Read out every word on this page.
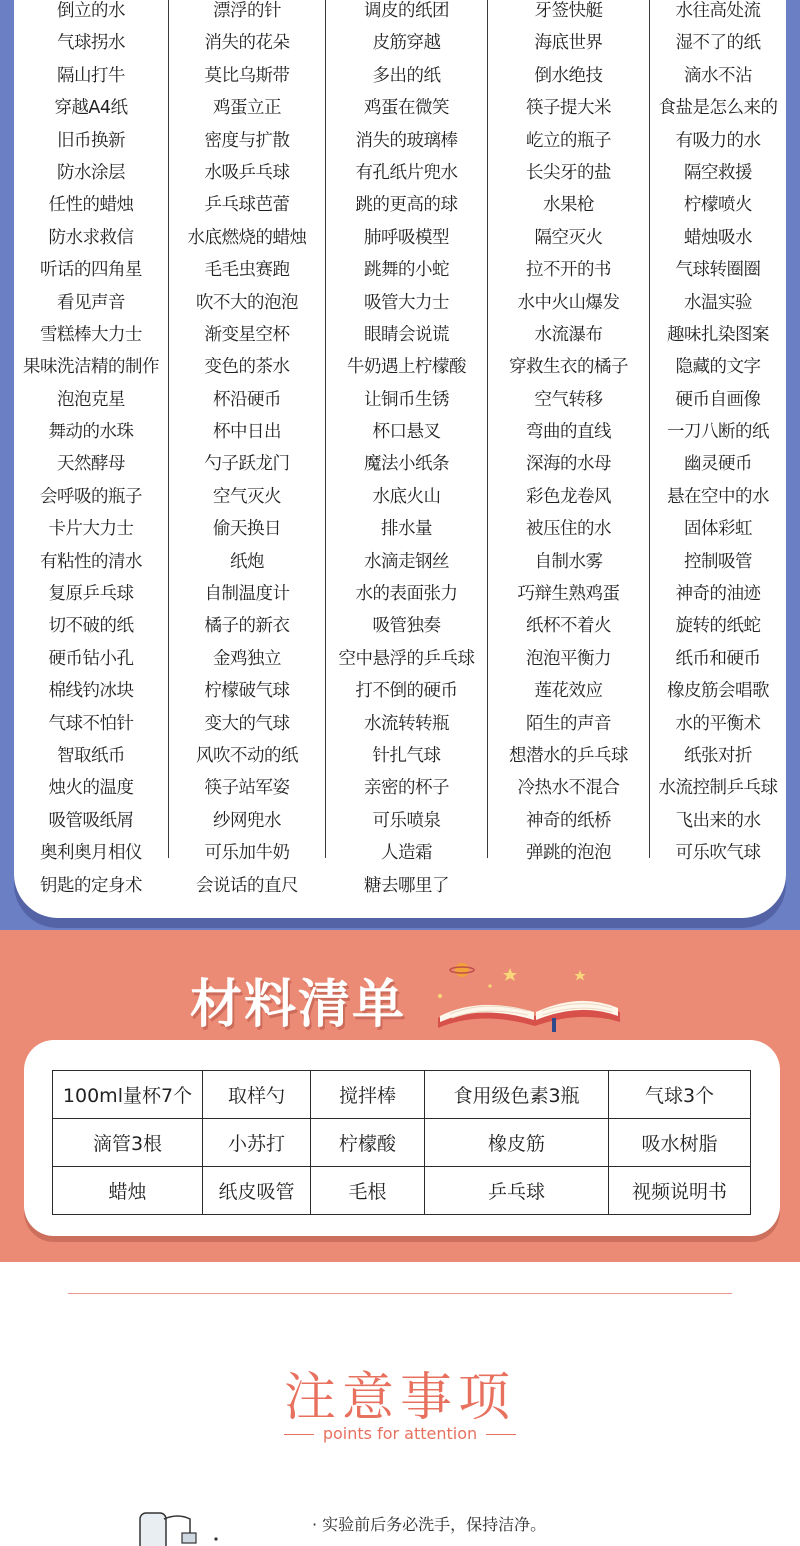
倒立的水
气球拐水
隔山打牛
穿越A4纸
旧币换新
防水涂层
任性的蜡烛
防水求救信
听话的四角星
看见声音
雪糕棒大力士
果味洗洁精的制作
泡泡克星
舞动的水珠
天然酵母
会呼吸的瓶子
卡片大力士
有粘性的清水
复原乒乓球
切不破的纸
硬币钻小孔
棉线钓冰块
气球不怕针
智取纸币
烛火的温度
吸管吸纸屑
奥利奥月相仪
钥匙的定身术
漂浮的针
消失的花朵
莫比乌斯带
鸡蛋立正
密度与扩散
水吸乒乓球
乒乓球芭蕾
水底燃烧的蜡烛
毛毛虫赛跑
吹不大的泡泡
渐变星空杯
变色的茶水
杯沿硬币
杯中日出
勺子跃龙门
空气灭火
偷天换日
纸炮
自制温度计
橘子的新衣
金鸡独立
柠檬破气球
变大的气球
风吹不动的纸
筷子站军姿
纱网兜水
可乐加牛奶
会说话的直尺
调皮的纸团
皮筋穿越
多出的纸
鸡蛋在微笑
消失的玻璃棒
有孔纸片兜水
跳的更高的球
肺呼吸模型
跳舞的小蛇
吸管大力士
眼睛会说谎
牛奶遇上柠檬酸
让铜币生锈
杯口悬叉
魔法小纸条
水底火山
排水量
水滴走钢丝
水的表面张力
吸管独奏
空中悬浮的乒乓球
打不倒的硬币
水流转转瓶
针扎气球
亲密的杯子
可乐喷泉
人造霜
糖去哪里了
牙签快艇
海底世界
倒水绝技
筷子提大米
屹立的瓶子
长尖牙的盐
水果枪
隔空灭火
拉不开的书
水中火山爆发
水流瀑布
穿救生衣的橘子
空气转移
弯曲的直线
深海的水母
彩色龙卷风
被压住的水
自制水雾
巧辩生熟鸡蛋
纸杯不着火
泡泡平衡力
莲花效应
陌生的声音
想潜水的乒乓球
冷热水不混合
神奇的纸桥
弹跳的泡泡
水往高处流
湿不了的纸
滴水不沾
食盐是怎么来的
有吸力的水
隔空救援
柠檬喷火
蜡烛吸水
气球转圈圈
水温实验
趣味扎染图案
隐藏的文字
硬币自画像
一刀八断的纸
幽灵硬币
悬在空中的水
固体彩虹
控制吸管
神奇的油迹
旋转的纸蛇
纸币和硬币
橡皮筋会唱歌
水的平衡术
纸张对折
水流控制乒乓球
飞出来的水
可乐吹气球
材料清单
100ml量杯7个	取样勺	搅拌棒	食用级色素3瓶	气球3个
滴管3根	小苏打	柠檬酸	橡皮筋	吸水树脂
蜡烛	纸皮吸管	毛根	乒乓球	视频说明书
注意事项
points for attention
· 实验前后务必洗手，保持洁净。
